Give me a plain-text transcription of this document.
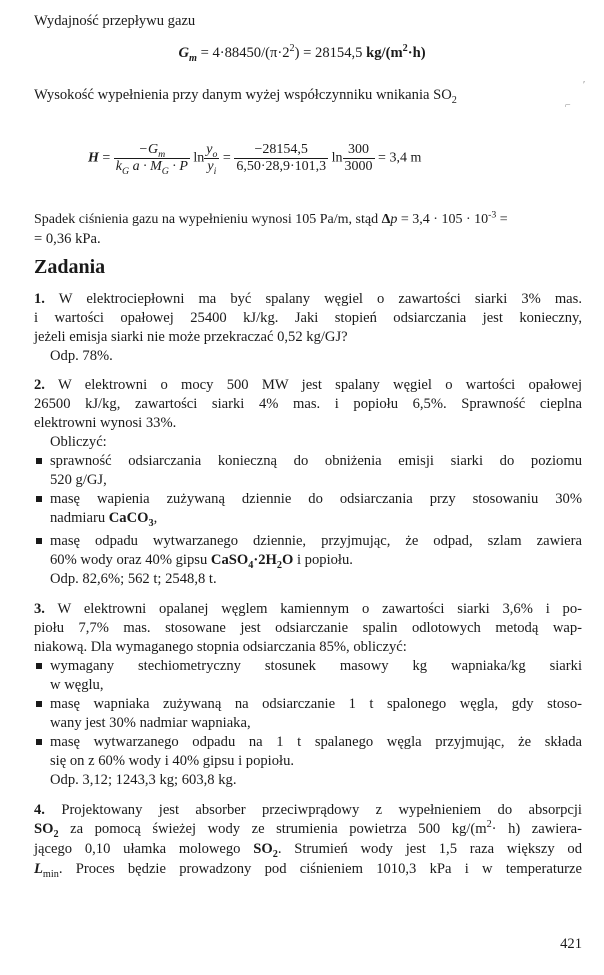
Wydajność przepływu gazu
$G_m = 4\cdot 88450/(\pi\cdot 2^2) = 28154,5$ $kg/(m^2\cdot h)$
Wysokość wypełnienia przy danym wyżej współczynniku wnikania $SO_2$
′
⌐
$H = \frac{-G_m}{k_G a \cdot M_G \cdot P}$ $\ln \frac{y_o}{y_i} = \frac{-28154,5}{6,50\cdot 28,9\cdot 101,3}$ $\ln \frac{300}{3000} = 3,4$ m
Spadek ciśnienia gazu na wypełnieniu wynosi 105 Pa/m, stąd $\Delta p = 3,4 \cdot 105 \cdot 10^{-3}$ =
= 0,36 kPa.
Zadania
1. W elektrociepłowni ma być spalany węgiel o zawartości siarki 3% mas.
i wartości opałowej 25400 kJ/kg. Jaki stopień odsiarczania jest konieczny,
jeżeli emisja siarki nie może przekraczać 0,52 kg/GJ?
Odp. 78%.
2. W elektrowni o mocy 500 MW jest spalany węgiel o wartości opałowej
26500 kJ/kg, zawartości siarki 4% mas. i popiołu 6,5%. Sprawność cieplna
elektrowni wynosi 33%.
Obliczyć:
sprawność odsiarczania konieczną do obniżenia emisji siarki do poziomu
520 g/GJ,
masę wapienia zużywaną dziennie do odsiarczania przy stosowaniu 30%
nadmiaru CaCO$_3$,
masę odpadu wytwarzanego dziennie, przyjmując, że odpad, szlam zawiera
60% wody oraz 40% gipsu $CaSO_4\cdot 2H_2O$ i popiołu.
Odp. 82,6%; 562 t; 2548,8 t.
3. W elektrowni opalanej węglem kamiennym o zawartości siarki 3,6% i po-
piołu 7,7% mas. stosowane jest odsiarczanie spalin odlotowych metodą wap-
niakową. Dla wymaganego stopnia odsiarczania 85%, obliczyć:
wymagany stechiometryczny stosunek masowy kg wapniaka/kg siarki
w węglu,
masę wapniaka zużywaną na odsiarczanie 1 t spalonego węgla, gdy stoso-
wany jest 30% nadmiar wapniaka,
masę wytwarzanego odpadu na 1 t spalanego węgla przyjmując, że składa
się on z 60% wody i 40% gipsu i popiołu.
Odp. 3,12; 1243,3 kg; 603,8 kg.
4. Projektowany jest absorber przeciwprądowy z wypełnieniem do absorpcji
$SO_2$ za pomocą świeżej wody ze strumienia powietrza 500 $kg/(m^2\cdot h)$ zawiera-
jącego 0,10 ułamka molowego $SO_2$. Strumień wody jest 1,5 raza większy od
$L_{min}$. Proces będzie prowadzony pod ciśnieniem 1010,3 kPa i w temperaturze
421
